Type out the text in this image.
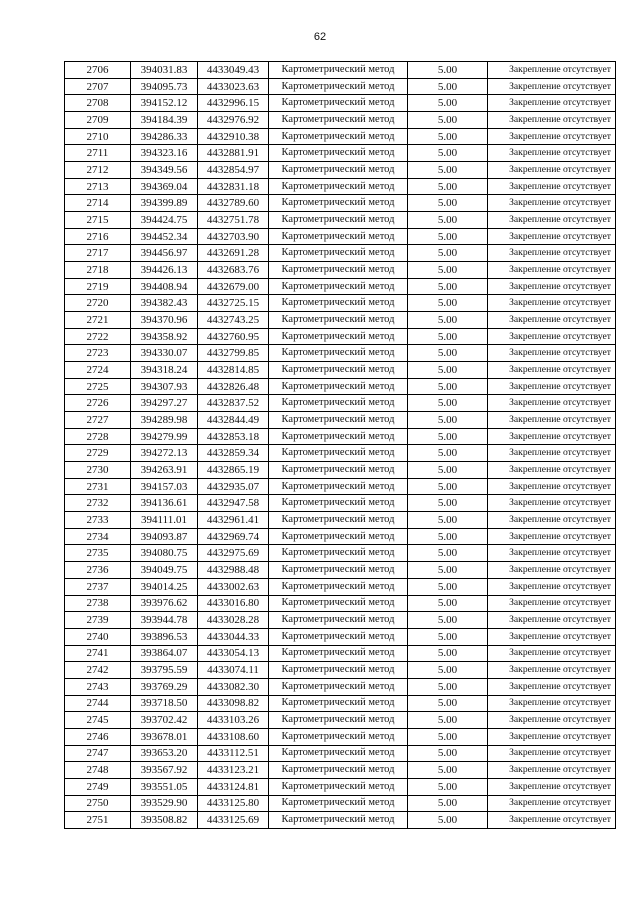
62
2706	394031.83	4433049.43	Картометрический метод	5.00	Закрепление отсутствует
2707	394095.73	4433023.63	Картометрический метод	5.00	Закрепление отсутствует
2708	394152.12	4432996.15	Картометрический метод	5.00	Закрепление отсутствует
2709	394184.39	4432976.92	Картометрический метод	5.00	Закрепление отсутствует
2710	394286.33	4432910.38	Картометрический метод	5.00	Закрепление отсутствует
2711	394323.16	4432881.91	Картометрический метод	5.00	Закрепление отсутствует
2712	394349.56	4432854.97	Картометрический метод	5.00	Закрепление отсутствует
2713	394369.04	4432831.18	Картометрический метод	5.00	Закрепление отсутствует
2714	394399.89	4432789.60	Картометрический метод	5.00	Закрепление отсутствует
2715	394424.75	4432751.78	Картометрический метод	5.00	Закрепление отсутствует
2716	394452.34	4432703.90	Картометрический метод	5.00	Закрепление отсутствует
2717	394456.97	4432691.28	Картометрический метод	5.00	Закрепление отсутствует
2718	394426.13	4432683.76	Картометрический метод	5.00	Закрепление отсутствует
2719	394408.94	4432679.00	Картометрический метод	5.00	Закрепление отсутствует
2720	394382.43	4432725.15	Картометрический метод	5.00	Закрепление отсутствует
2721	394370.96	4432743.25	Картометрический метод	5.00	Закрепление отсутствует
2722	394358.92	4432760.95	Картометрический метод	5.00	Закрепление отсутствует
2723	394330.07	4432799.85	Картометрический метод	5.00	Закрепление отсутствует
2724	394318.24	4432814.85	Картометрический метод	5.00	Закрепление отсутствует
2725	394307.93	4432826.48	Картометрический метод	5.00	Закрепление отсутствует
2726	394297.27	4432837.52	Картометрический метод	5.00	Закрепление отсутствует
2727	394289.98	4432844.49	Картометрический метод	5.00	Закрепление отсутствует
2728	394279.99	4432853.18	Картометрический метод	5.00	Закрепление отсутствует
2729	394272.13	4432859.34	Картометрический метод	5.00	Закрепление отсутствует
2730	394263.91	4432865.19	Картометрический метод	5.00	Закрепление отсутствует
2731	394157.03	4432935.07	Картометрический метод	5.00	Закрепление отсутствует
2732	394136.61	4432947.58	Картометрический метод	5.00	Закрепление отсутствует
2733	394111.01	4432961.41	Картометрический метод	5.00	Закрепление отсутствует
2734	394093.87	4432969.74	Картометрический метод	5.00	Закрепление отсутствует
2735	394080.75	4432975.69	Картометрический метод	5.00	Закрепление отсутствует
2736	394049.75	4432988.48	Картометрический метод	5.00	Закрепление отсутствует
2737	394014.25	4433002.63	Картометрический метод	5.00	Закрепление отсутствует
2738	393976.62	4433016.80	Картометрический метод	5.00	Закрепление отсутствует
2739	393944.78	4433028.28	Картометрический метод	5.00	Закрепление отсутствует
2740	393896.53	4433044.33	Картометрический метод	5.00	Закрепление отсутствует
2741	393864.07	4433054.13	Картометрический метод	5.00	Закрепление отсутствует
2742	393795.59	4433074.11	Картометрический метод	5.00	Закрепление отсутствует
2743	393769.29	4433082.30	Картометрический метод	5.00	Закрепление отсутствует
2744	393718.50	4433098.82	Картометрический метод	5.00	Закрепление отсутствует
2745	393702.42	4433103.26	Картометрический метод	5.00	Закрепление отсутствует
2746	393678.01	4433108.60	Картометрический метод	5.00	Закрепление отсутствует
2747	393653.20	4433112.51	Картометрический метод	5.00	Закрепление отсутствует
2748	393567.92	4433123.21	Картометрический метод	5.00	Закрепление отсутствует
2749	393551.05	4433124.81	Картометрический метод	5.00	Закрепление отсутствует
2750	393529.90	4433125.80	Картометрический метод	5.00	Закрепление отсутствует
2751	393508.82	4433125.69	Картометрический метод	5.00	Закрепление отсутствует
